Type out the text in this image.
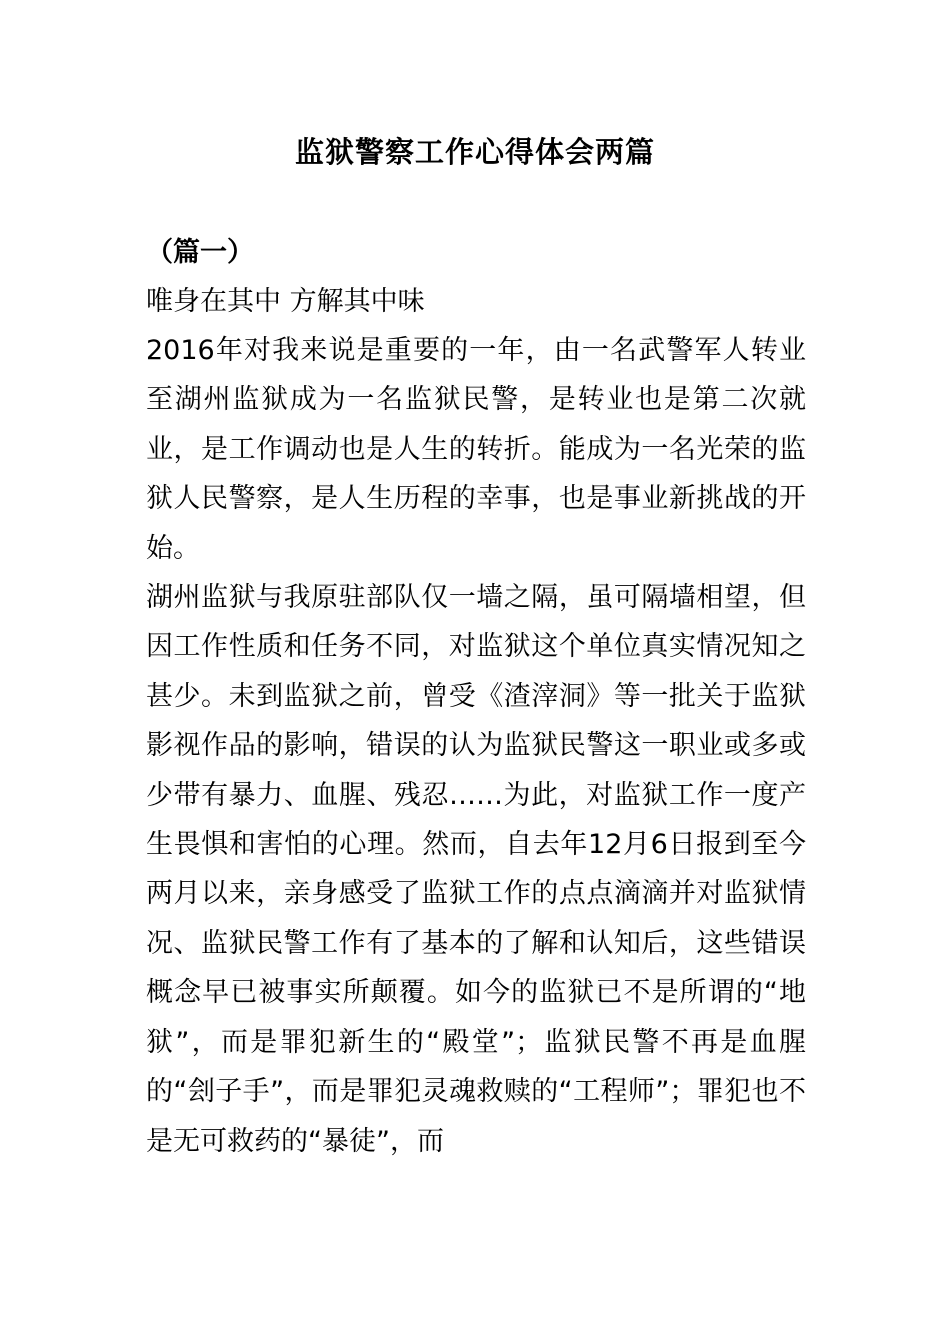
监狱警察工作心得体会两篇

（篇一）

唯身在其中 方解其中味

2016年对我来说是重要的一年，由一名武警军人转业至湖州监狱成为一名监狱民警，是转业也是第二次就业，是工作调动也是人生的转折。能成为一名光荣的监狱人民警察，是人生历程的幸事，也是事业新挑战的开始。

湖州监狱与我原驻部队仅一墙之隔，虽可隔墙相望，但因工作性质和任务不同，对监狱这个单位真实情况知之甚少。未到监狱之前，曾受《渣滓洞》等一批关于监狱影视作品的影响，错误的认为监狱民警这一职业或多或少带有暴力、血腥、残忍……为此，对监狱工作一度产生畏惧和害怕的心理。然而，自去年12月6日报到至今两月以来，亲身感受了监狱工作的点点滴滴并对监狱情况、监狱民警工作有了基本的了解和认知后，这些错误概念早已被事实所颠覆。如今的监狱已不是所谓的“地狱”，而是罪犯新生的“殿堂”；监狱民警不再是血腥的“刽子手”，而是罪犯灵魂救赎的“工程师”；罪犯也不是无可救药的“暴徒”，而
